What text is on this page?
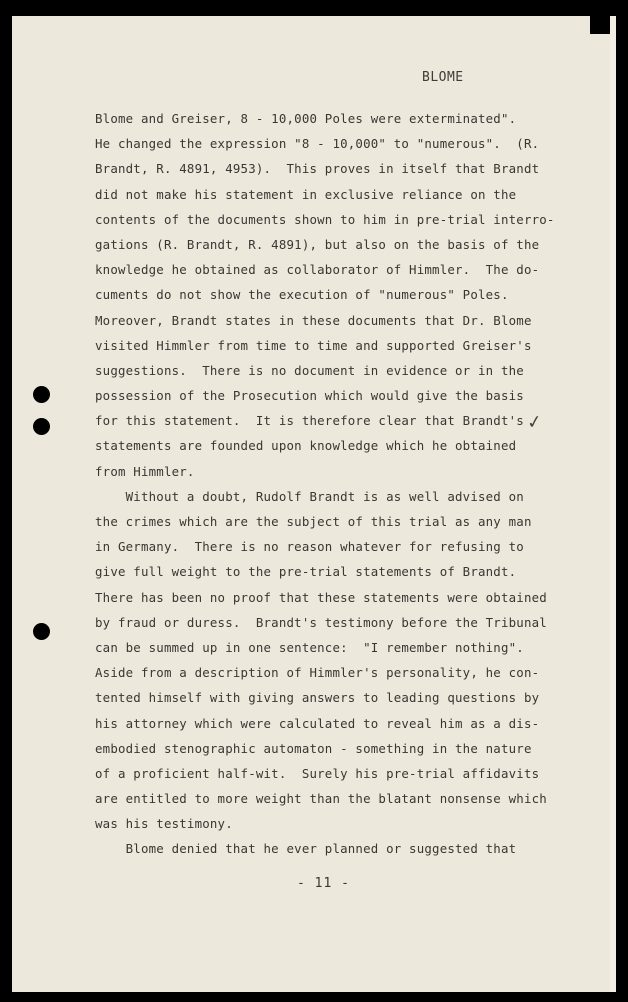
BLOME
Blome and Greiser, 8 - 10,000 Poles were exterminated".
He changed the expression "8 - 10,000" to "numerous".  (R.
Brandt, R. 4891, 4953).  This proves in itself that Brandt
did not make his statement in exclusive reliance on the
contents of the documents shown to him in pre-trial interro-
gations (R. Brandt, R. 4891), but also on the basis of the
knowledge he obtained as collaborator of Himmler.  The do-
cuments do not show the execution of "numerous" Poles.
Moreover, Brandt states in these documents that Dr. Blome
visited Himmler from time to time and supported Greiser's
suggestions.  There is no document in evidence or in the
possession of the Prosecution which would give the basis
for this statement.  It is therefore clear that Brandt's
statements are founded upon knowledge which he obtained
from Himmler.
Without a doubt, Rudolf Brandt is as well advised on
the crimes which are the subject of this trial as any man
in Germany.  There is no reason whatever for refusing to
give full weight to the pre-trial statements of Brandt.
There has been no proof that these statements were obtained
by fraud or duress.  Brandt's testimony before the Tribunal
can be summed up in one sentence:  "I remember nothing".
Aside from a description of Himmler's personality, he con-
tented himself with giving answers to leading questions by
his attorney which were calculated to reveal him as a dis-
embodied stenographic automaton - something in the nature
of a proficient half-wit.  Surely his pre-trial affidavits
are entitled to more weight than the blatant nonsense which
was his testimony.
Blome denied that he ever planned or suggested that
✓
- 11 -
